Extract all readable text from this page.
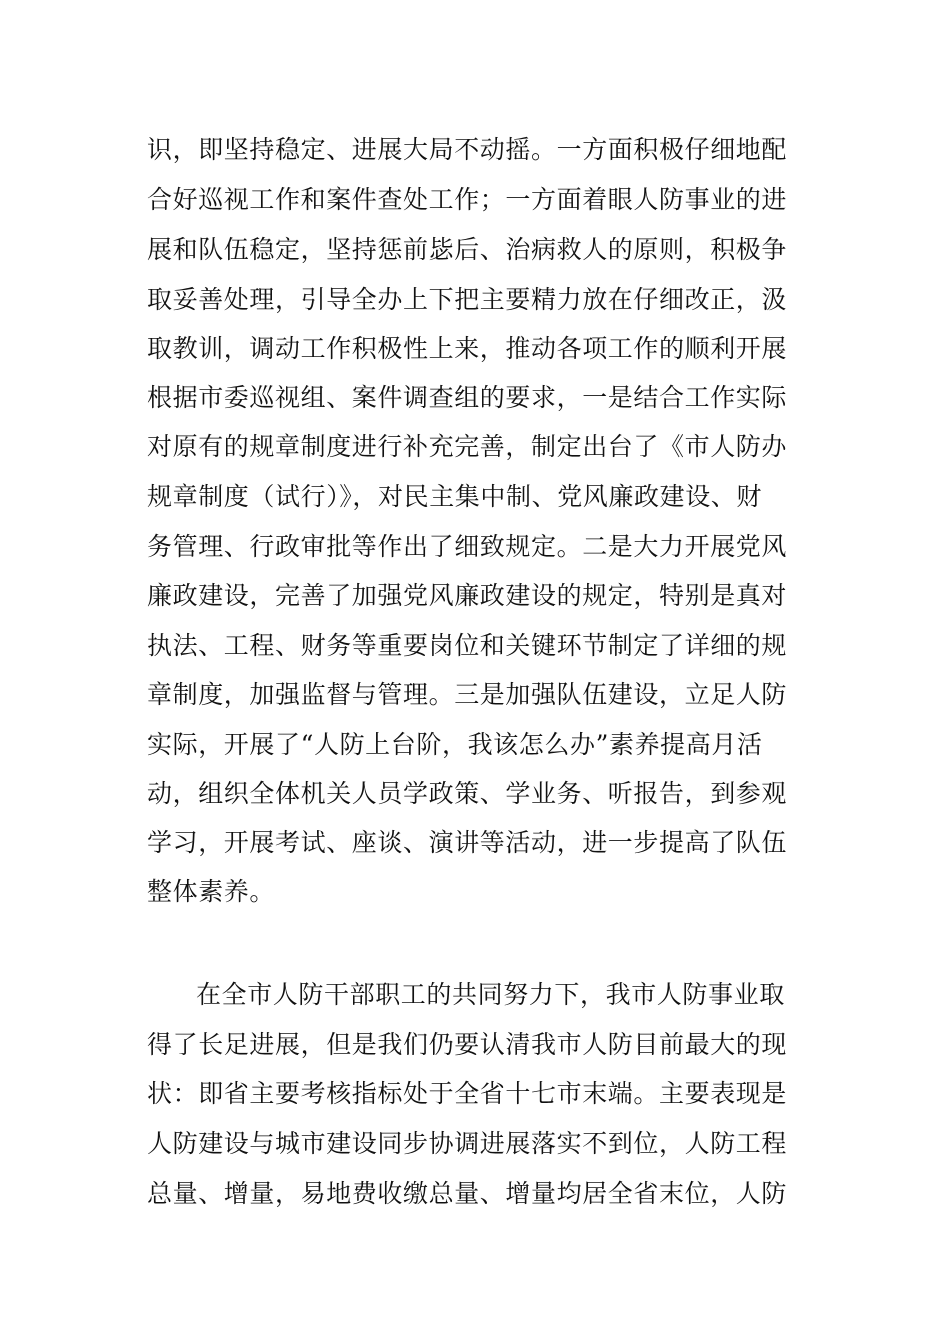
识，即坚持稳定、进展大局不动摇。一方面积极仔细地配
合好巡视工作和案件查处工作；一方面着眼人防事业的进
展和队伍稳定，坚持惩前毖后、治病救人的原则，积极争
取妥善处理，引导全办上下把主要精力放在仔细改正，汲
取教训，调动工作积极性上来，推动各项工作的顺利开展
根据市委巡视组、案件调查组的要求，一是结合工作实际
对原有的规章制度进行补充完善，制定出台了《市人防办
规章制度（试行）》，对民主集中制、党风廉政建设、财
务管理、行政审批等作出了细致规定。二是大力开展党风
廉政建设，完善了加强党风廉政建设的规定，特别是真对
执法、工程、财务等重要岗位和关键环节制定了详细的规
章制度，加强监督与管理。三是加强队伍建设，立足人防
实际，开展了“人防上台阶，我该怎么办”素养提高月活
动，组织全体机关人员学政策、学业务、听报告，到参观
学习，开展考试、座谈、演讲等活动，进一步提高了队伍
整体素养。
在全市人防干部职工的共同努力下，我市人防事业取
得了长足进展，但是我们仍要认清我市人防目前最大的现
状：即省主要考核指标处于全省十七市末端。主要表现是
人防建设与城市建设同步协调进展落实不到位，人防工程
总量、增量，易地费收缴总量、增量均居全省末位，人防
